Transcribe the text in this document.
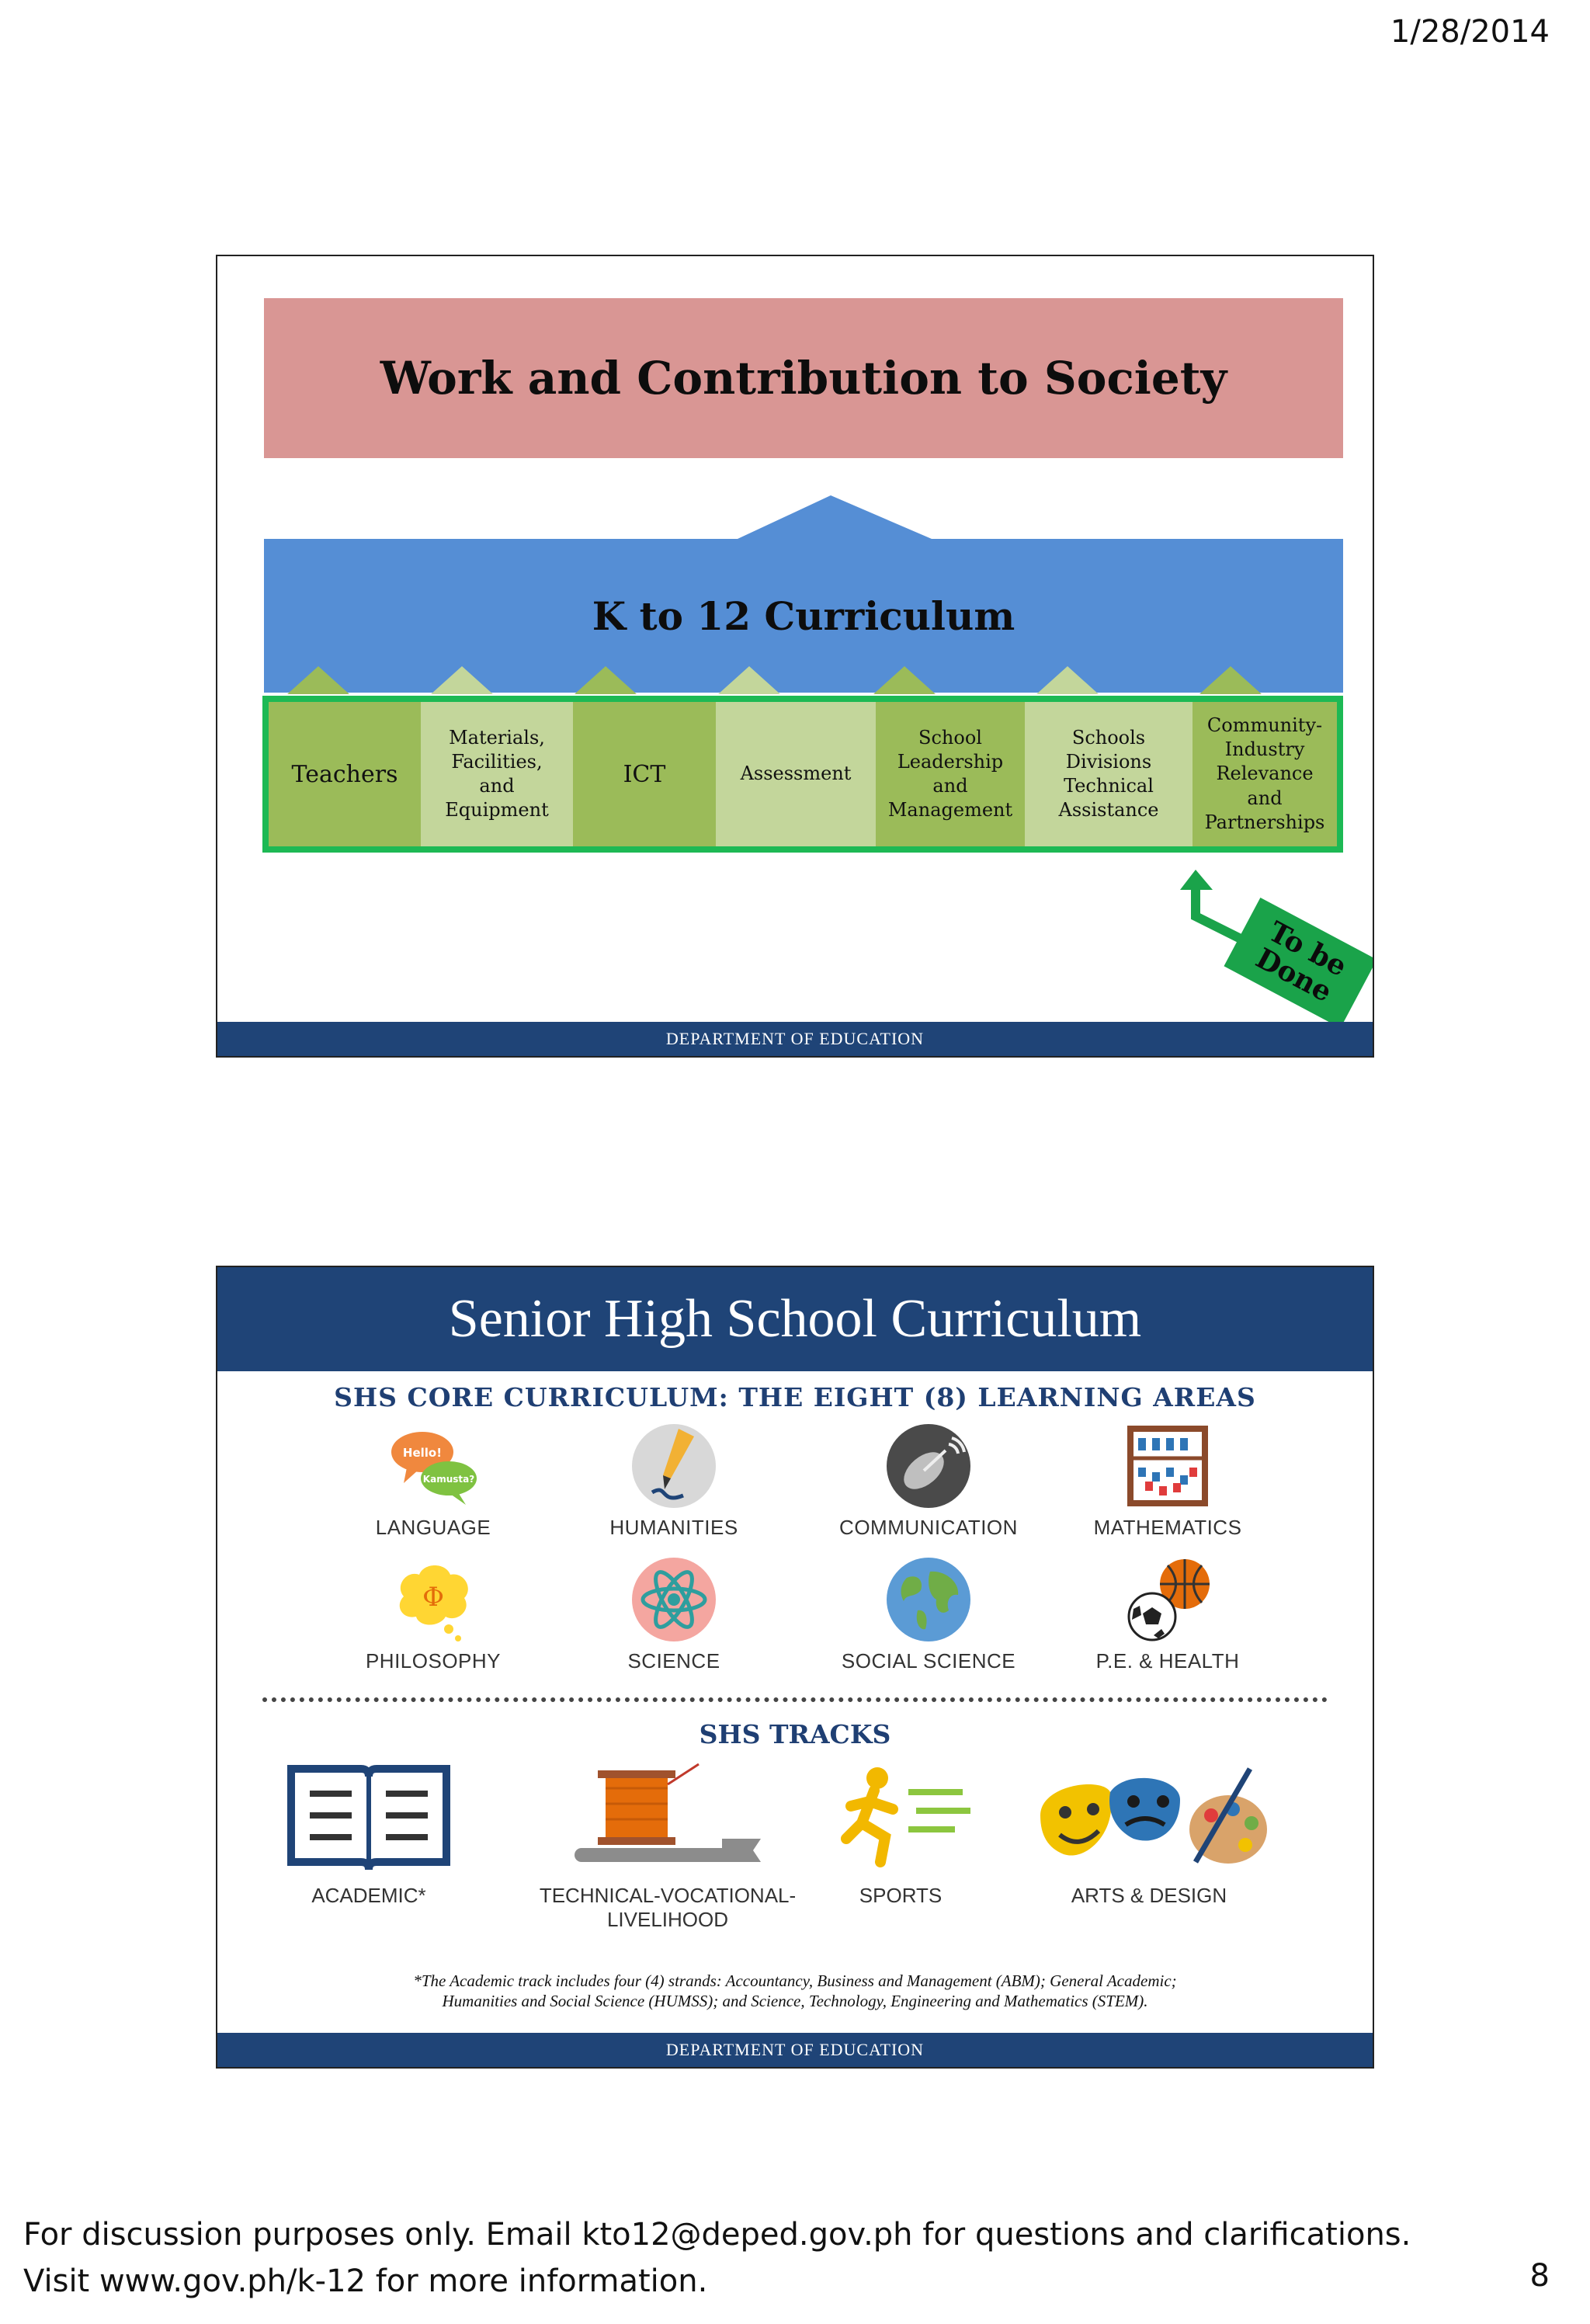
1/28/2014
Work and Contribution to Society
K to 12 Curriculum
Teachers
Materials,
Facilities,
and
Equipment
ICT	Assessment
School
Leadership
and
Management
Schools
Divisions
Technical
Assistance
Community-
Industry
Relevance and
Partnerships
To be
Done
DEPARTMENT OF EDUCATION
Senior High School Curriculum
SHS CORE CURRICULUM: THE EIGHT (8) LEARNING AREAS
Hello!
Kamusta?
LANGUAGE	HUMANITIES	COMMUNICATION	MATHEMATICS
Φ
PHILOSOPHY	SCIENCE	SOCIAL SCIENCE	P.E. & HEALTH
SHS TRACKS
ACADEMIC*	TECHNICAL-VOCATIONAL-
LIVELIHOOD
SPORTS	ARTS & DESIGN
*The Academic track includes four (4) strands: Accountancy, Business and Management (ABM); General Academic;
Humanities and Social Science (HUMSS); and Science, Technology, Engineering and Mathematics (STEM).
DEPARTMENT OF EDUCATION
For discussion purposes only. Email kto12@deped.gov.ph for questions and clarifications.
Visit www.gov.ph/k-12 for more information.	8
